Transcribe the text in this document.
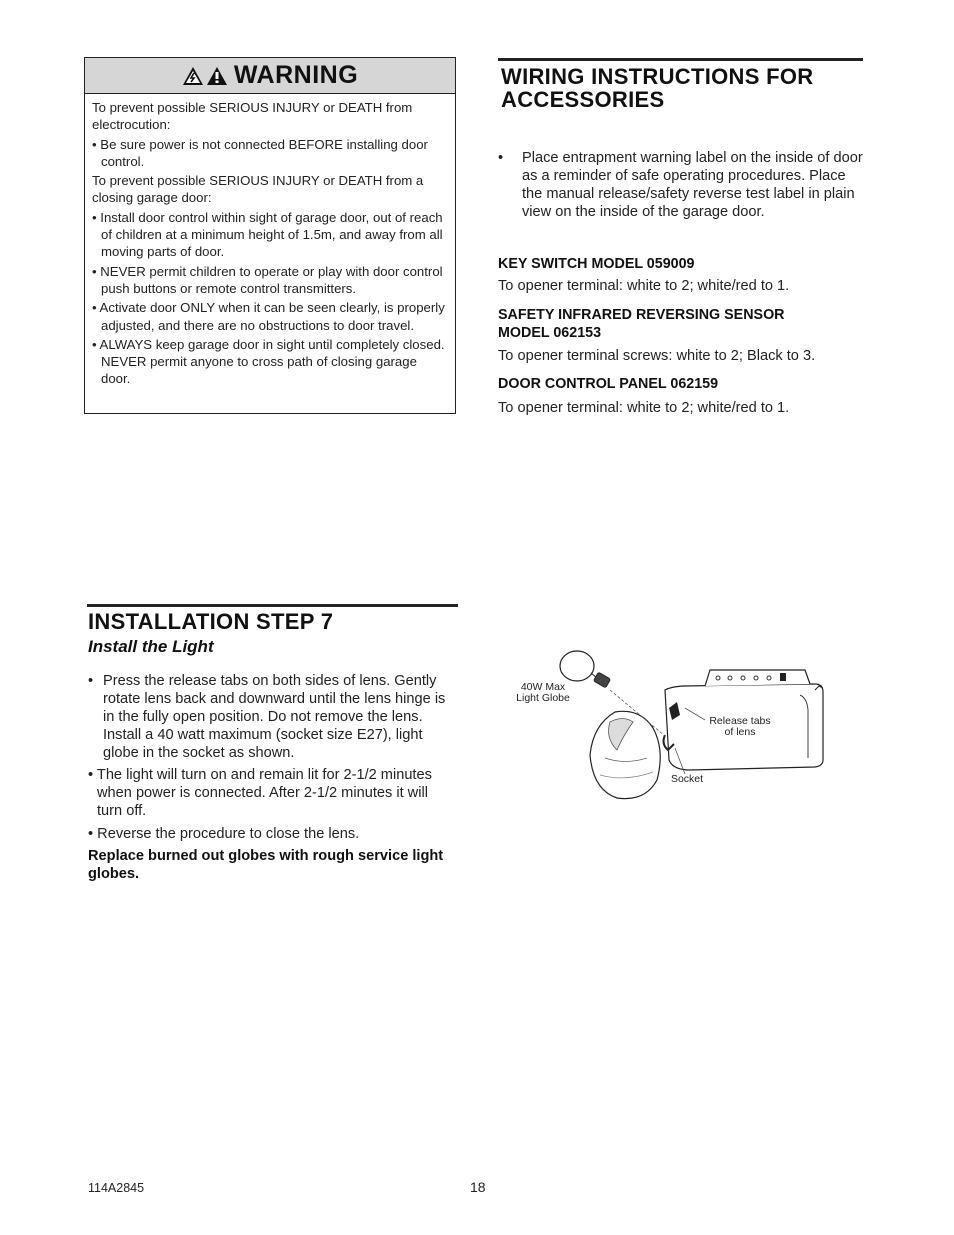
WARNING

To prevent possible SERIOUS INJURY or DEATH from electrocution:

• Be sure power is not connected BEFORE installing door control.

To prevent possible SERIOUS INJURY or DEATH from a closing garage door:

• Install door control within sight of garage door, out of reach of children at a minimum height of 1.5m, and away from all moving parts of door.

• NEVER permit children to operate or play with door control push buttons or remote control transmitters.

• Activate door ONLY when it can be seen clearly, is properly adjusted, and there are no obstructions to door travel.

• ALWAYS keep garage door in sight until completely closed. NEVER permit anyone to cross path of closing garage door.

WIRING INSTRUCTIONS FOR
ACCESSORIES
•	Place entrapment warning label on the inside of door as a reminder of safe operating procedures. Place the manual release/safety reverse test label in plain view on the inside of the garage door.
KEY SWITCH MODEL 059009
To opener terminal: white to 2; white/red to 1.
SAFETY INFRARED REVERSING SENSOR MODEL 062153
To opener terminal screws: white to 2; Black to 3.
DOOR CONTROL PANEL 062159
To opener terminal: white to 2; white/red to 1.
INSTALLATION STEP 7
Install the Light
• Press the release tabs on both sides of lens. Gently rotate lens back and downward until the lens hinge is in the fully open position. Do not remove the lens. Install a 40 watt maximum (socket size E27), light globe in the socket as shown.
• The light will turn on and remain lit for 2-1/2 minutes when power is connected. After 2-1/2 minutes it will turn off.
• Reverse the procedure to close the lens.
Replace burned out globes with rough service light globes.
40W Max
Light Globe
Release tabs
of lens
Socket
114A2845	18
